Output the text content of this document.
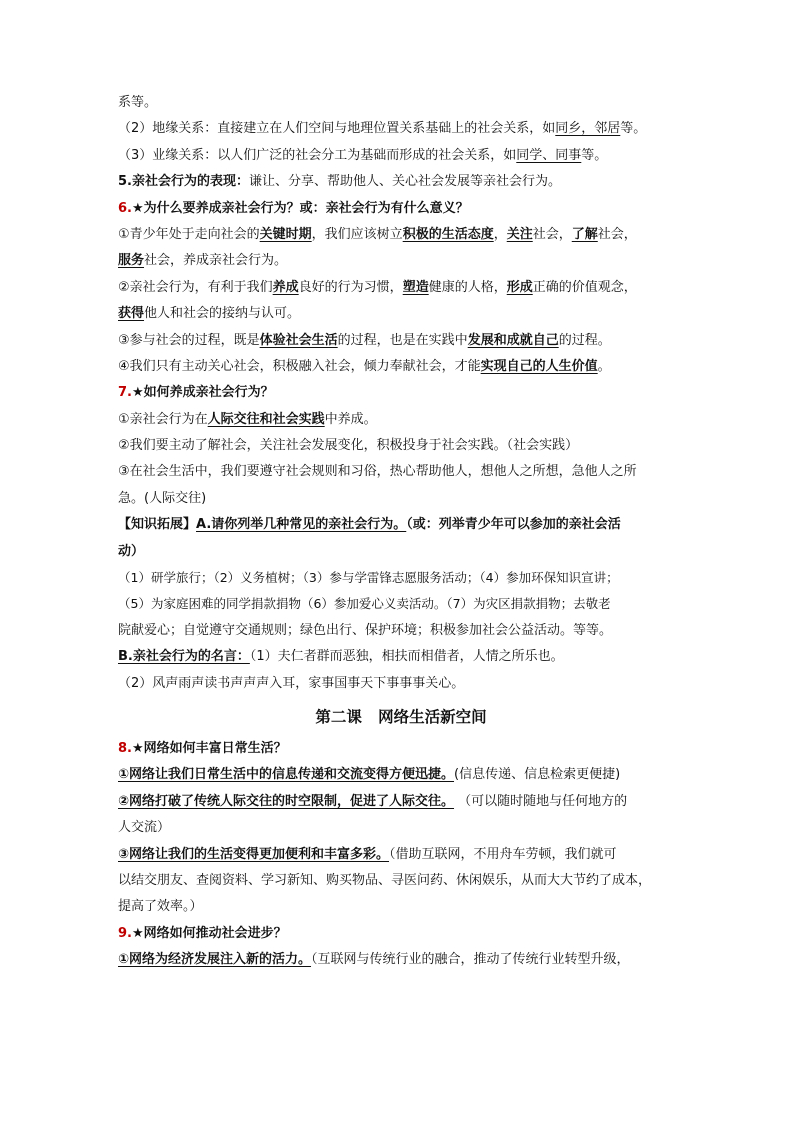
系等。
（2）地缘关系：直接建立在人们空间与地理位置关系基础上的社会关系，如同乡，邻居等。
（3）业缘关系：以人们广泛的社会分工为基础而形成的社会关系，如同学、同事等。
5.亲社会行为的表现：谦让、分享、帮助他人、关心社会发展等亲社会行为。
6.★为什么要养成亲社会行为？或：亲社会行为有什么意义？
①青少年处于走向社会的关键时期，我们应该树立积极的生活态度，关注社会，了解社会，
服务社会，养成亲社会行为。
②亲社会行为，有利于我们养成良好的行为习惯，塑造健康的人格，形成正确的价值观念，
获得他人和社会的接纳与认可。
③参与社会的过程，既是体验社会生活的过程，也是在实践中发展和成就自己的过程。
④我们只有主动关心社会，积极融入社会，倾力奉献社会，才能实现自己的人生价值。
7.★如何养成亲社会行为？
①亲社会行为在人际交往和社会实践中养成。
②我们要主动了解社会，关注社会发展变化，积极投身于社会实践。（社会实践）
③在社会生活中，我们要遵守社会规则和习俗，热心帮助他人，想他人之所想，急他人之所
急。(人际交往)
【知识拓展】A.请你列举几种常见的亲社会行为。（或：列举青少年可以参加的亲社会活
动）
（1）研学旅行；（2）义务植树；（3）参与学雷锋志愿服务活动；（4）参加环保知识宣讲；
（5）为家庭困难的同学捐款捐物（6）参加爱心义卖活动。（7）为灾区捐款捐物；去敬老
院献爱心；自觉遵守交通规则；绿色出行、保护环境；积极参加社会公益活动。等等。
B.亲社会行为的名言：（1）夫仁者群而恶独，相扶而相借者，人情之所乐也。
（2）风声雨声读书声声声入耳，家事国事天下事事事关心。
第二课   网络生活新空间
8.★网络如何丰富日常生活？
①网络让我们日常生活中的信息传递和交流变得方便迅捷。(信息传递、信息检索更便捷)
②网络打破了传统人际交往的时空限制，促进了人际交往。 （可以随时随地与任何地方的
人交流）
③网络让我们的生活变得更加便利和丰富多彩。（借助互联网，不用舟车劳顿，我们就可
以结交朋友、查阅资料、学习新知、购买物品、寻医问药、休闲娱乐，从而大大节约了成本，
提高了效率。）
9.★网络如何推动社会进步？
①网络为经济发展注入新的活力。（互联网与传统行业的融合，推动了传统行业转型升级，
